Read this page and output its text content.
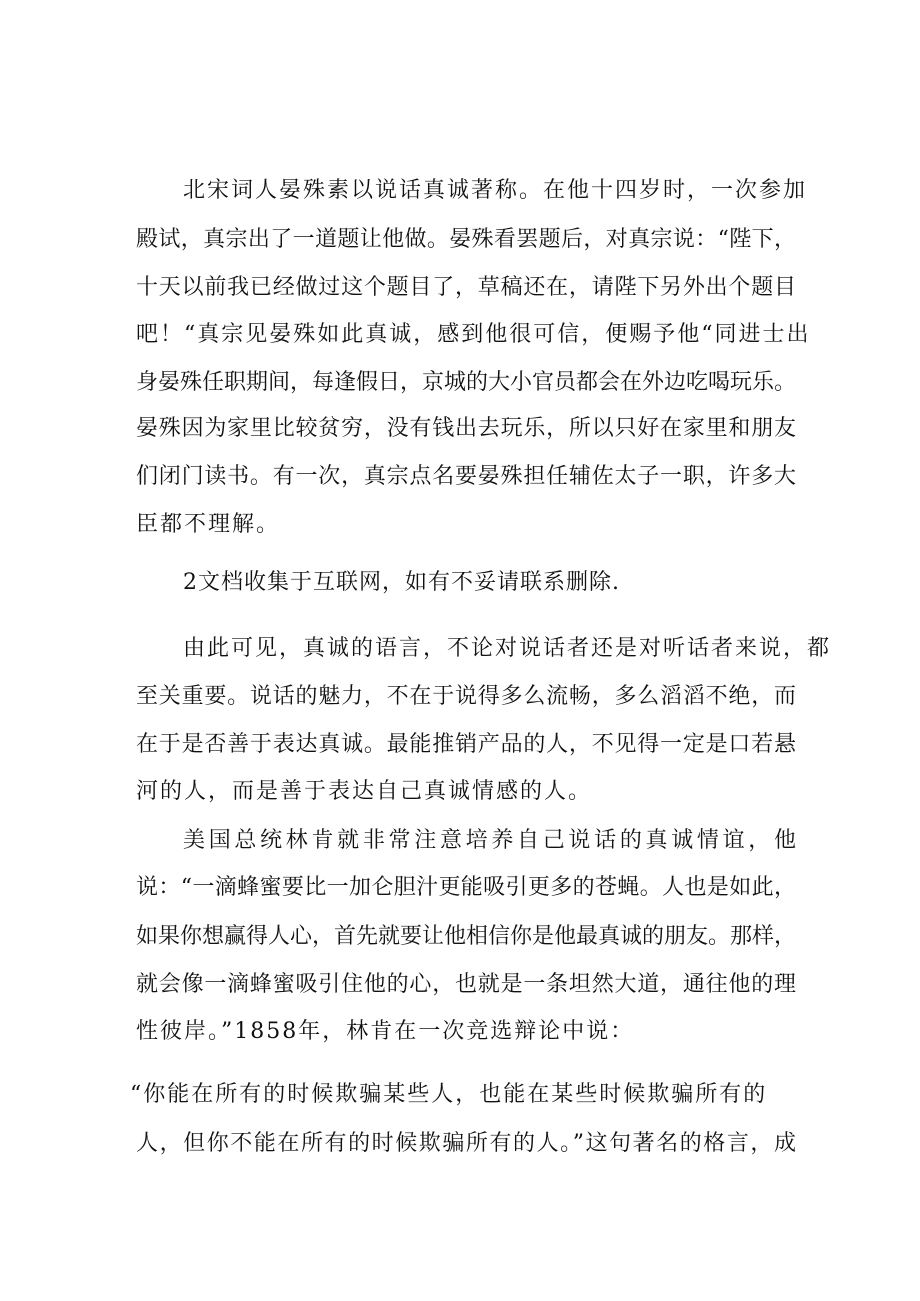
北宋词人晏殊素以说话真诚著称。在他十四岁时，一次参加
殿试，真宗出了一道题让他做。晏殊看罢题后，对真宗说：“陛下，
十天以前我已经做过这个题目了，草稿还在，请陛下另外出个题目
吧！“真宗见晏殊如此真诚，感到他很可信，便赐予他“同进士出
身晏殊任职期间，每逢假日，京城的大小官员都会在外边吃喝玩乐。
晏殊因为家里比较贫穷，没有钱出去玩乐，所以只好在家里和朋友
们闭门读书。有一次，真宗点名要晏殊担任辅佐太子一职，许多大
臣都不理解。
2文档收集于互联网，如有不妥请联系删除.
由此可见，真诚的语言，不论对说话者还是对听话者来说，都
至关重要。说话的魅力，不在于说得多么流畅，多么滔滔不绝，而
在于是否善于表达真诚。最能推销产品的人，不见得一定是口若悬
河的人，而是善于表达自己真诚情感的人。
美国总统林肯就非常注意培养自己说话的真诚情谊，他
说：“一滴蜂蜜要比一加仑胆汁更能吸引更多的苍蝇。人也是如此，
如果你想赢得人心，首先就要让他相信你是他最真诚的朋友。那样，
就会像一滴蜂蜜吸引住他的心，也就是一条坦然大道，通往他的理
性彼岸。”1858年，林肯在一次竞选辩论中说：
“你能在所有的时候欺骗某些人，也能在某些时候欺骗所有的
人，但你不能在所有的时候欺骗所有的人。”这句著名的格言，成
